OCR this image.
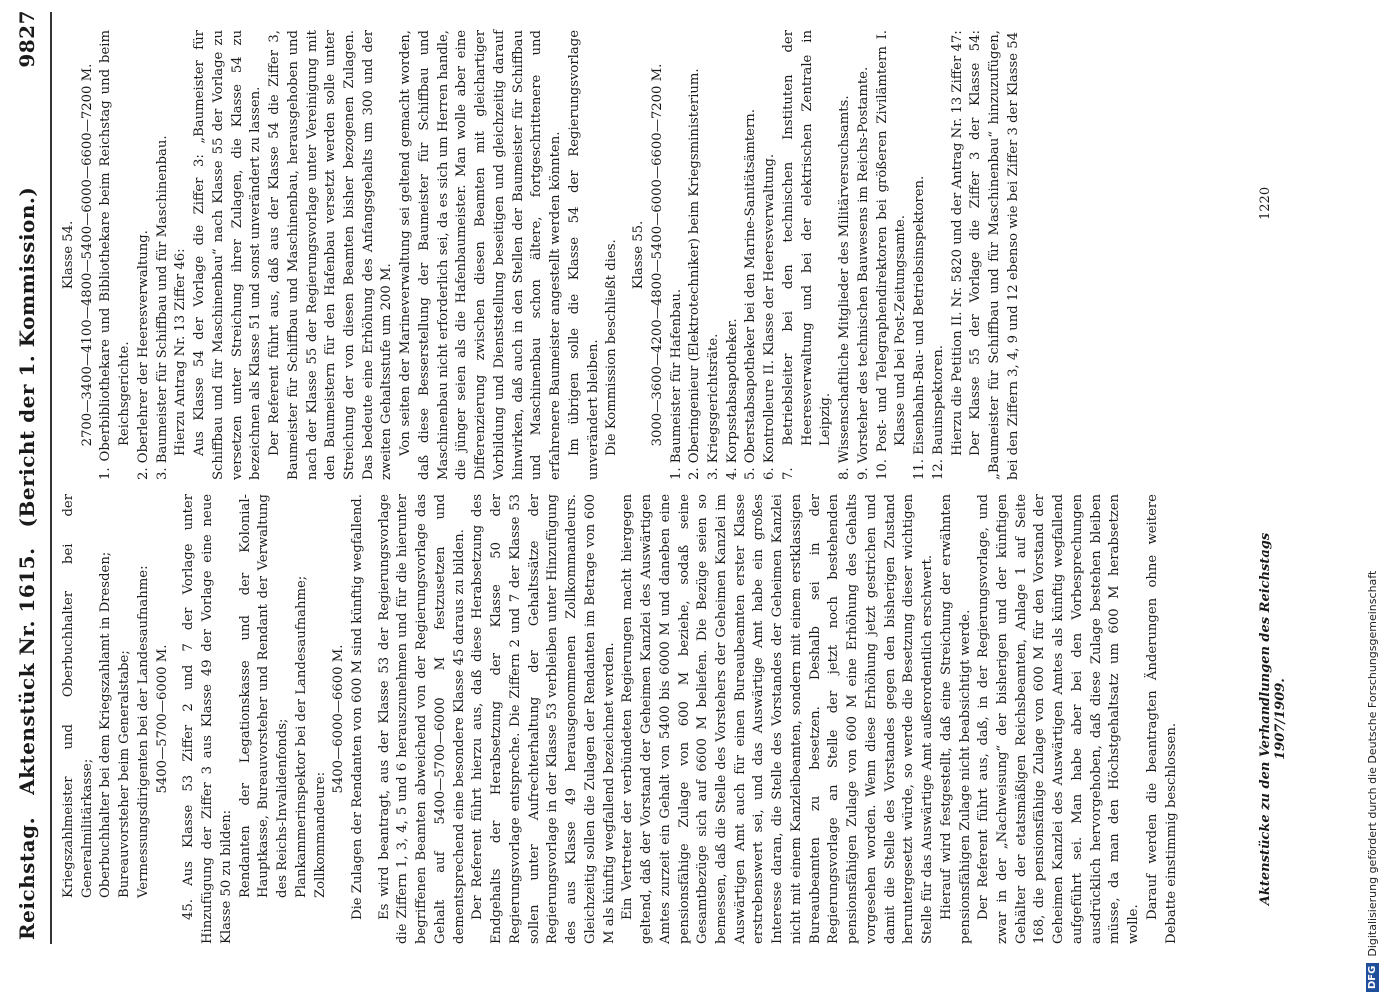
DFG
Digitalisierung gefördert durch die Deutsche Forschungsgemeinschaft
Reichstag.
Aktenstück Nr. 1615.
(Bericht der 1. Kommission.)
9827

Kriegszahlmeister und Oberbuchhalter bei der Generalmilitärkasse; Oberbuchhalter bei dem Kriegszahlamt in Dresden; Bureauvorsteher beim Generalstabe; Vermessungsdirigenten bei der Landesaufnahme: 5400—5700—6000 M. 45. Aus Klasse 53 Ziffer 2 und 7 der Vorlage unter Hinzufügung der Ziffer 3 aus Klasse 49 der Vorlage eine neue Klasse 50 zu bilden: Rendanten der Legationskasse und der Kolonial-Hauptkasse, Bureauvorsteher und Rendant der Verwaltung des Reichs-Invalidenfonds; Plankammerinspektor bei der Landesaufnahme; Zollkommandeure:

5400—6000—6600 M. Die Zulagen der Rendanten von 600 M sind künftig wegfallend. Es wird beantragt, aus der Klasse 53 der Regierungsvorlage die Ziffern 1, 3, 4, 5 und 6 herauszunehmen und für die hierunter begriffenen Beamten abweichend von der Regierungsvorlage das Gehalt auf 5400—5700—6000 M festzusetzen und dementsprechend eine besondere Klasse 45 daraus zu bilden. Der Referent führt hierzu aus, daß diese Herabsetzung des Endgehalts der Herabsetzung der Klasse 50 der Regierungsvorlage entspreche. Die Ziffern 2 und 7 der Klasse 53 sollen unter Aufrechterhaltung der Gehaltssätze der Regierungsvorlage in der Klasse 53 verbleiben unter Hinzufügung des aus Klasse 49 herausgenommenen Zollkommandeurs. Gleichzeitig sollen die Zulagen der Rendanten im Betrage von 600 M als künftig wegfallend bezeichnet werden. Ein Vertreter der verbündeten Regierungen macht hiergegen geltend, daß der Vorstand der Geheimen Kanzlei des Auswärtigen Amtes zurzeit ein Gehalt von 5400 bis 6000 M und daneben eine pensionsfähige Zulage von 600 M beziehe, sodaß seine Gesamtbezüge sich auf 6600 M beliefen. Die Bezüge seien so bemessen, daß die Stelle des Vorstehers der Geheimen Kanzlei im Auswärtigen Amt auch für einen Bureaubeamten erster Klasse erstrebenswert sei, und das Auswärtige Amt habe ein großes Interesse daran, die Stelle des Vorstandes der Geheimen Kanzlei nicht mit einem Kanzleibeamten, sondern mit einem erstklassigen Bureaubeamten zu besetzen. Deshalb sei in der Regierungsvorlage an Stelle der jetzt noch bestehenden pensionsfähigen Zulage von 600 M eine Erhöhung des Gehalts vorgesehen worden. Wenn diese Erhöhung jetzt gestrichen und damit die Stelle des Vorstandes gegen den bisherigen Zustand heruntergesetzt würde, so werde die Besetzung dieser wichtigen Stelle für das Auswärtige Amt außerordentlich erschwert. Hierauf wird festgestellt, daß eine Streichung der erwähnten pensionsfähigen Zulage nicht beabsichtigt werde. Der Referent führt aus, daß, in der Regierungsvorlage, und zwar in der „Nachweisung“ der bisherigen und der künftigen Gehälter der etatsmäßigen Reichsbeamten, Anlage 1 auf Seite 168, die pensionsfähige Zulage von 600 M für den Vorstand der Geheimen Kanzlei des Auswärtigen Amtes als künftig wegfallend aufgeführt sei. Man habe aber bei den Vorbesprechungen ausdrücklich hervorgehoben, daß diese Zulage bestehen bleiben müsse, da man den Höchstgehaltsatz um 600 M herabsetzen wolle.

Darauf werden die beantragten Änderungen ohne weitere Debatte einstimmig beschlossen.

Klasse 54. 2700—3400—4100—4800—5400—6000—6600—7200 M. 1. Oberbibliothekare und Bibliothekare beim Reichstag und beim Reichsgerichte. 2. Oberlehrer der Heeresverwaltung. 3. Baumeister für Schiffbau und für Maschinenbau. Hierzu Antrag Nr. 13 Ziffer 46: Aus Klasse 54 der Vorlage die Ziffer 3: „Baumeister für Schiffbau und für Maschinenbau“ nach Klasse 55 der Vorlage zu versetzen unter Streichung ihrer Zulagen, die Klasse 54 zu bezeichnen als Klasse 51 und sonst unverändert zu lassen. Der Referent führt aus, daß aus der Klasse 54 die Ziffer 3, Baumeister für Schiffbau und Maschinenbau, herausgehoben und nach der Klasse 55 der Regierungsvorlage unter Vereinigung mit den Baumeistern für den Hafenbau versetzt werden solle unter Streichung der von diesen Beamten bisher bezogenen Zulagen. Das bedeute eine Erhöhung des Anfangsgehalts um 300 und der zweiten Gehaltsstufe um 200 M. Von seiten der Marineverwaltung sei geltend gemacht worden, daß diese Besserstellung der Baumeister für Schiffbau und Maschinenbau nicht erforderlich sei, da es sich um Herren handle, die jünger seien als die Hafenbaumeister. Man wolle aber eine Differenzierung zwischen diesen Beamten mit gleichartiger Vorbildung und Dienststellung beseitigen und gleichzeitig darauf hinwirken, daß auch in den Stellen der Baumeister für Schiffbau und Maschinenbau schon ältere, fortgeschrittenere und erfahrenere Baumeister angestellt werden könnten. Im übrigen solle die Klasse 54 der Regierungsvorlage unverändert bleiben. Die Kommission beschließt dies. Klasse 55. 3000—3600—4200—4800—5400—6000—6600—7200 M. 1. Baumeister für Hafenbau. 2. Oberingenieur (Elektrotechniker) beim Kriegsministerium. 3. Kriegsgerichtsräte. 4. Korpsstabsapotheker. 5. Oberstabsapotheker bei den Marine-Sanitätsämtern. 6. Kontrolleure II. Klasse der Heeresverwaltung. 7. Betriebsleiter bei den technischen Instituten der Heeresverwaltung und bei der elektrischen Zentrale in Leipzig. 8. Wissenschaftliche Mitglieder des Militärversuchsamts. 9. Vorsteher des technischen Bauwesens im Reichs-Postamte. 10. Post- und Telegraphendirektoren bei größeren Zivilämtern I. Klasse und bei Post-Zeitungsamte. 11. Eisenbahn-Bau- und Betriebsinspektoren. 12. Bauinspektoren. Hierzu die Petition II. Nr. 5820 und der Antrag Nr. 13 Ziffer 47: Der Klasse 55 der Vorlage die Ziffer 3 der Klasse 54: „Baumeister für Schiffbau und für Maschinenbau“ hinzuzufügen, bei den Ziffern 3, 4, 9 und 12 ebenso wie bei Ziffer 3 der Klasse 54

Aktenstücke zu den Verhandlungen des Reichstags 1907/1909.
1220
